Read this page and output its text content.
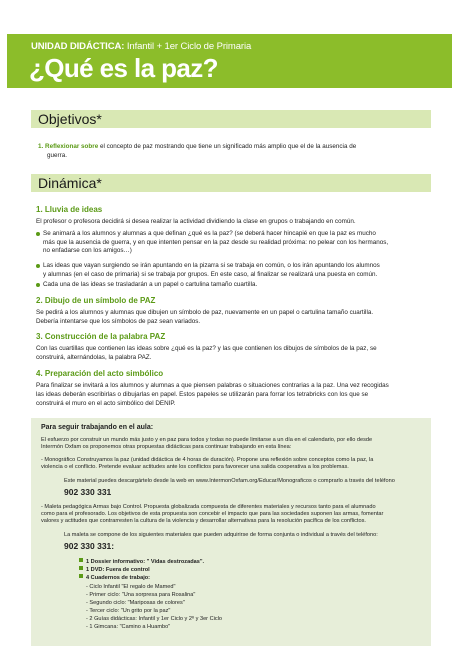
UNIDAD DIDÁCTICA: Infantil + 1er Ciclo de Primaria
¿Qué es la paz?
Objetivos*
1. Reflexionar sobre el concepto de paz mostrando que tiene un significado más amplio que el de la ausencia de
guerra.
Dinámica*
1. Lluvia de ideas
El profesor o profesora decidirá si desea realizar la actividad dividiendo la clase en grupos o trabajando en común.
Se animará a los alumnos y alumnas a que definan ¿qué es la paz? (se deberá hacer hincapié en que la paz es mucho
más que la ausencia de guerra, y en que intenten pensar en la paz desde su realidad próxima: no pelear con los hermanos,
no enfadarse con los amigos…)
Las ideas que vayan surgiendo se irán apuntando en la pizarra si se trabaja en común, o los irán apuntando los alumnos
y alumnas (en el caso de primaria) si se trabaja por grupos. En este caso, al finalizar se realizará una puesta en común.
Cada una de las ideas se trasladarán a un papel o cartulina tamaño cuartilla.
2. Dibujo de un símbolo de PAZ
Se pedirá a los alumnos y alumnas que dibujen un símbolo de paz, nuevamente en un papel o cartulina tamaño cuartilla.
Debería intentarse que los símbolos de paz sean variados.
3. Construcción de la palabra PAZ
Con las cuartillas que contienen las ideas sobre ¿qué es la paz? y las que contienen los dibujos de símbolos de la paz, se
construirá, alternándolas, la palabra PAZ.
4. Preparación del acto simbólico
Para finalizar se invitará a los alumnos y alumnas a que piensen palabras o situaciones contrarias a la paz. Una vez recogidas
las ideas deberán escribirlas o dibujarlas en papel. Estos papeles se utilizarán para forrar los tetrabricks con los que se
construirá el muro en el acto simbólico del DENIP.
Para seguir trabajando en el aula:
El esfuerzo por construir un mundo más justo y en paz para todos y todas no puede limitarse a un día en el calendario, por ello desde
Intermón Oxfam os proponemos otras propuestas didácticas para continuar trabajando en esta línea:
- Monográfico Construyamos la paz (unidad didáctica de 4 horas de duración). Propone una reflexión sobre conceptos como la paz, la
violencia o el conflicto. Pretende evaluar actitudes ante los conflictos para favorecer una salida cooperativa a los problemas.
Este material puedes descargártelo desde la web en www.IntermonOxfam.org/Educar/Monograficos o comprarlo a través del teléfono
902 330 331
- Maleta pedagógica Armas bajo Control. Propuesta globalizada compuesta de diferentes materiales y recursos tanto para el alumnado
como para el profesorado. Los objetivos de esta propuesta son concebir el impacto que para las sociedades suponen las armas, fomentar
valores y actitudes que contrarresten la cultura de la violencia y desarrollar alternativas para la resolución pacífica de los conflictos.
La maleta se compone de los siguientes materiales que pueden adquirirse de forma conjunta o individual a través del teléfono:
902 330 331:
1 Dossier informativo: " Vidas destrozadas".
1 DVD: Fuera de control
4 Cuadernos de trabajo:
- Ciclo Infantil "El regalo de Mamed"
- Primer ciclo: "Una sorpresa para Rosalina"
- Segundo ciclo: "Mariposas de colores"
- Tercer ciclo: "Un grito por la paz"
- 2 Guías didácticas: Infantil y 1er Ciclo y 2º y 3er Ciclo
- 1 Gimcana: "Camino a Huambo"
